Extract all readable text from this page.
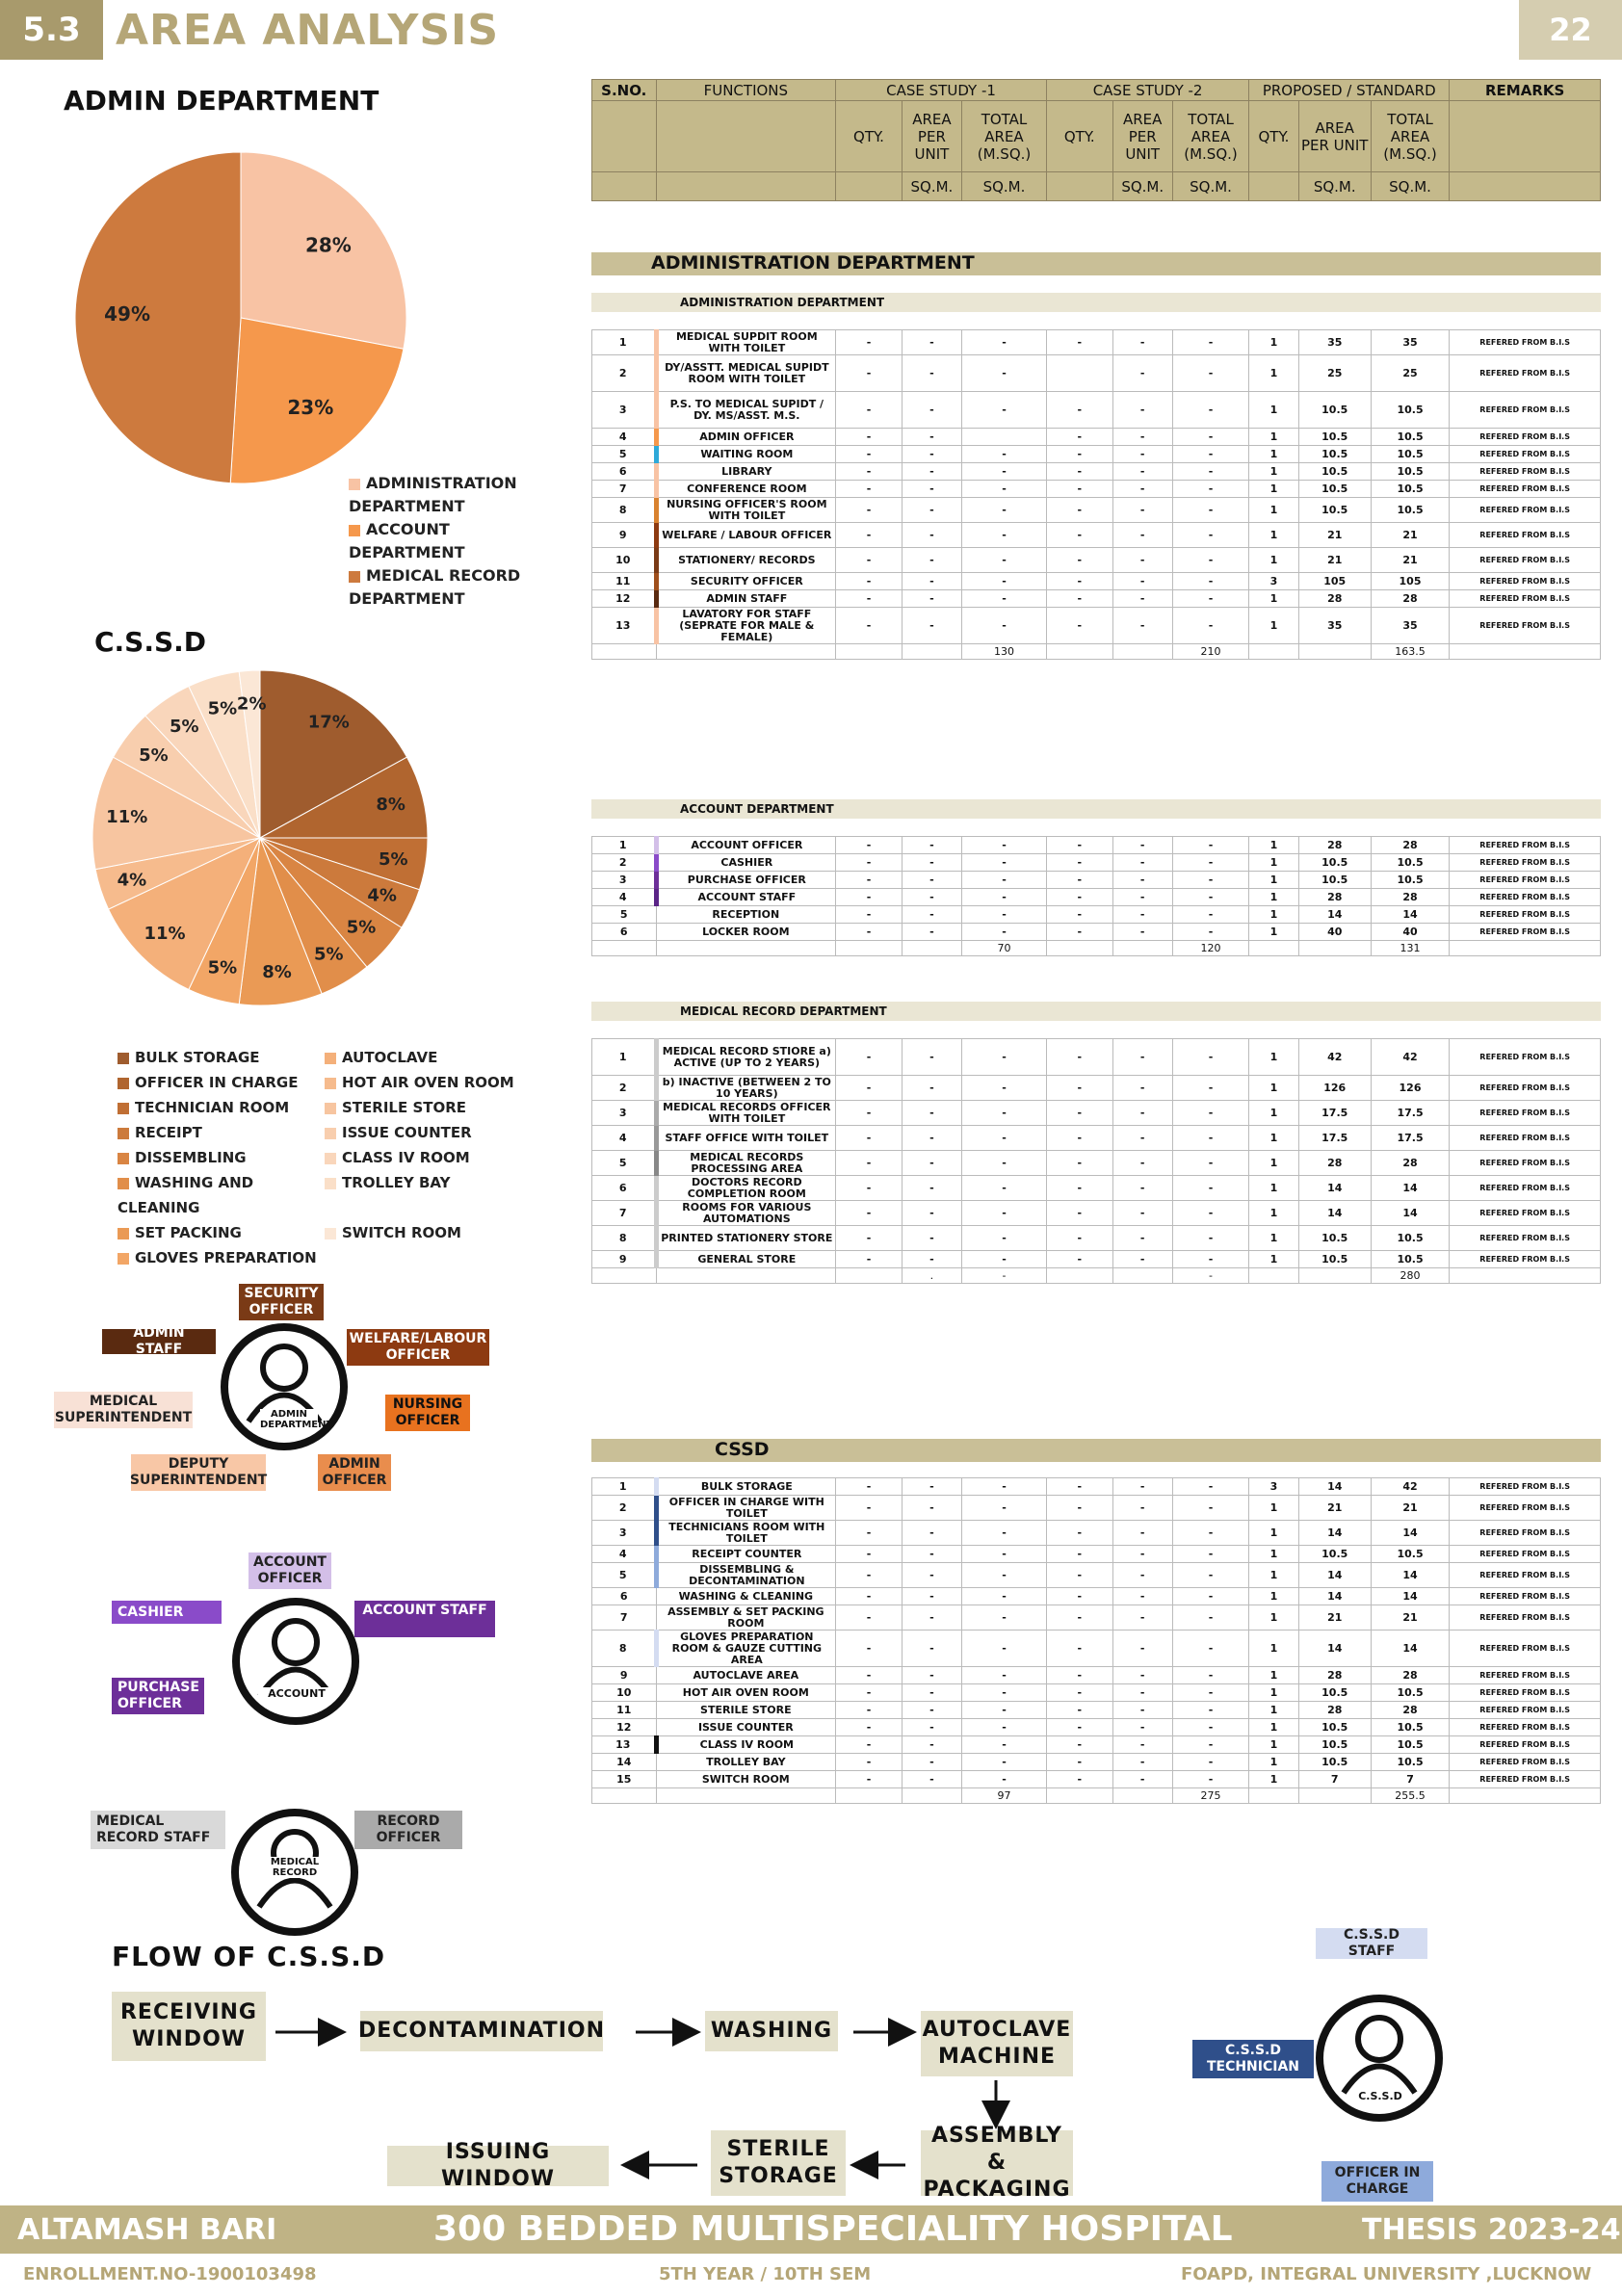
5.3 AREA ANALYSIS	22
ADMIN DEPARTMENT
28%
23%
49%
ADMINISTRATION DEPARTMENT
ACCOUNT DEPARTMENT
MEDICAL RECORD DEPARTMENT
C.S.S.D
17%
8%
5%
4%
5%
5%
8%
5%
11%
4%
11%
5%
5%
5% 2%
BULK STORAGE
OFFICER IN CHARGE
TECHNICIAN ROOM
RECEIPT
DISSEMBLING
WASHING AND CLEANING
SET PACKING
GLOVES PREPARATION
AUTOCLAVE
HOT AIR OVEN ROOM
STERILE STORE
ISSUE COUNTER
CLASS IV ROOM
TROLLEY BAY
SWITCH ROOM
ADMIN DEPARTMENT
SECURITY OFFICER
ADMIN STAFF
WELFARE/LABOUR OFFICER
MEDICAL SUPERINTENDENT
NURSING OFFICER
DEPUTY SUPERINTENDENT
ADMIN OFFICER
ACCOUNT
ACCOUNT OFFICER
CASHIER	ACCOUNT STAFF
PURCHASE OFFICER
MEDICAL RECORD
MEDICAL RECORD STAFF
RECORD OFFICER
FLOW OF C.S.S.D
RECEIVING WINDOW	DECONTAMINATION	WASHING	AUTOCLAVE MACHINE
ASSEMBLY & PACKAGING
STERILE STORAGE
ISSUING WINDOW
C.S.S.D
C.S.S.D STAFF
C.S.S.D TECHNICIAN
OFFICER IN CHARGE
S.NO.	FUNCTIONS	CASE STUDY -1			CASE STUDY -2			PROPOSED / STANDARD			REMARKS
		QTY.	AREA PER UNIT	TOTAL AREA (M.SQ.)	QTY.	AREA PER UNIT	TOTAL AREA (M.SQ.)	QTY.	AREA PER UNIT	TOTAL AREA (M.SQ.)	
			SQ.M.	SQ.M.		SQ.M.	SQ.M.		SQ.M.	SQ.M.	
ADMINISTRATION DEPARTMENT
ADMINISTRATION DEPARTMENT
ACCOUNT DEPARTMENT
MEDICAL RECORD DEPARTMENT
CSSD
1	MEDICAL SUPDIT ROOM WITH TOILET	-	-	-	-	-	-	1	35	35	REFERED FROM B.I.S
2	DY/ASSTT. MEDICAL SUPIDT ROOM WITH TOILET	-	-	-		-	-	1	25	25	REFERED FROM B.I.S
3	P.S. TO MEDICAL SUPIDT / DY. MS/ASST. M.S.	-	-	-	-	-	-	1	10.5	10.5	REFERED FROM B.I.S
4	ADMIN OFFICER	-	-		-	-	-	1	10.5	10.5	REFERED FROM B.I.S
5	WAITING ROOM	-	-	-	-	-	-	1	10.5	10.5	REFERED FROM B.I.S
6	LIBRARY	-	-	-	-	-	-	1	10.5	10.5	REFERED FROM B.I.S
7	CONFERENCE ROOM	-	-	-	-	-	-	1	10.5	10.5	REFERED FROM B.I.S
8	NURSING OFFICER'S ROOM WITH TOILET	-	-	-	-	-	-	1	10.5	10.5	REFERED FROM B.I.S
9	WELFARE / LABOUR OFFICER	-	-	-	-	-	-	1	21	21	REFERED FROM B.I.S
10	STATIONERY/ RECORDS	-	-	-	-	-	-	1	21	21	REFERED FROM B.I.S
11	SECURITY OFFICER	-	-	-	-	-	-	3	105	105	REFERED FROM B.I.S
12	ADMIN STAFF	-	-	-	-	-	-	1	28	28	REFERED FROM B.I.S
13	LAVATORY FOR STAFF (SEPRATE FOR MALE & FEMALE)	-	-	-	-	-	-	1	35	35	REFERED FROM B.I.S
				130			210			163.5	
1	ACCOUNT OFFICER	-	-	-	-	-	-	1	28	28	REFERED FROM B.I.S
2	CASHIER	-	-	-	-	-	-	1	10.5	10.5	REFERED FROM B.I.S
3	PURCHASE OFFICER	-	-	-	-	-	-	1	10.5	10.5	REFERED FROM B.I.S
4	ACCOUNT STAFF	-	-	-	-	-	-	1	28	28	REFERED FROM B.I.S
5	RECEPTION	-	-	-	-	-	-	1	14	14	REFERED FROM B.I.S
6	LOCKER ROOM	-	-	-	-	-	-	1	40	40	REFERED FROM B.I.S
				70			120			131	
1	MEDICAL RECORD STIORE a) ACTIVE (UP TO 2 YEARS)	-	-	-	-	-	-	1	42	42	REFERED FROM B.I.S
2	b) INACTIVE (BETWEEN 2 TO 10 YEARS)	-	-	-	-	-	-	1	126	126	REFERED FROM B.I.S
3	MEDICAL RECORDS OFFICER WITH TOILET	-	-	-	-	-	-	1	17.5	17.5	REFERED FROM B.I.S
4	STAFF OFFICE WITH TOILET	-	-	-	-	-	-	1	17.5	17.5	REFERED FROM B.I.S
5	MEDICAL RECORDS PROCESSING AREA	-	-	-	-	-	-	1	28	28	REFERED FROM B.I.S
6	DOCTORS RECORD COMPLETION ROOM	-	-	-	-	-	-	1	14	14	REFERED FROM B.I.S
7	ROOMS FOR VARIOUS AUTOMATIONS	-	-	-	-	-	-	1	14	14	REFERED FROM B.I.S
8	PRINTED STATIONERY STORE	-	-	-	-	-	-	1	10.5	10.5	REFERED FROM B.I.S
9	GENERAL STORE	-	-	-	-	-	-	1	10.5	10.5	REFERED FROM B.I.S
			.	-			-			280	
1	BULK STORAGE	-	-	-	-	-	-	3	14	42	REFERED FROM B.I.S
2	OFFICER IN CHARGE WITH TOILET	-	-	-	-	-	-	1	21	21	REFERED FROM B.I.S
3	TECHNICIANS ROOM WITH TOILET	-	-	-	-	-	-	1	14	14	REFERED FROM B.I.S
4	RECEIPT COUNTER	-	-	-	-	-	-	1	10.5	10.5	REFERED FROM B.I.S
5	DISSEMBLING & DECONTAMINATION	-	-	-	-	-	-	1	14	14	REFERED FROM B.I.S
6	WASHING & CLEANING	-	-	-	-	-	-	1	14	14	REFERED FROM B.I.S
7	ASSEMBLY & SET PACKING ROOM	-	-	-	-	-	-	1	21	21	REFERED FROM B.I.S
8	GLOVES PREPARATION ROOM & GAUZE CUTTING AREA	-	-	-	-	-	-	1	14	14	REFERED FROM B.I.S
9	AUTOCLAVE AREA	-	-	-	-	-	-	1	28	28	REFERED FROM B.I.S
10	HOT AIR OVEN ROOM	-	-	-	-	-	-	1	10.5	10.5	REFERED FROM B.I.S
11	STERILE STORE	-	-	-	-	-	-	1	28	28	REFERED FROM B.I.S
12	ISSUE COUNTER	-	-	-	-	-	-	1	10.5	10.5	REFERED FROM B.I.S
13	CLASS IV ROOM	-	-	-	-	-	-	1	10.5	10.5	REFERED FROM B.I.S
14	TROLLEY BAY	-	-	-	-	-	-	1	10.5	10.5	REFERED FROM B.I.S
15	SWITCH ROOM	-	-	-	-	-	-	1	7	7	REFERED FROM B.I.S
				97			275			255.5	
ALTAMASH BARI	300 BEDDED MULTISPECIALITY HOSPITAL	THESIS 2023-24
ENROLLMENT.NO-1900103498	5TH YEAR / 10TH SEM	FOAPD, INTEGRAL UNIVERSITY ,LUCKNOW
